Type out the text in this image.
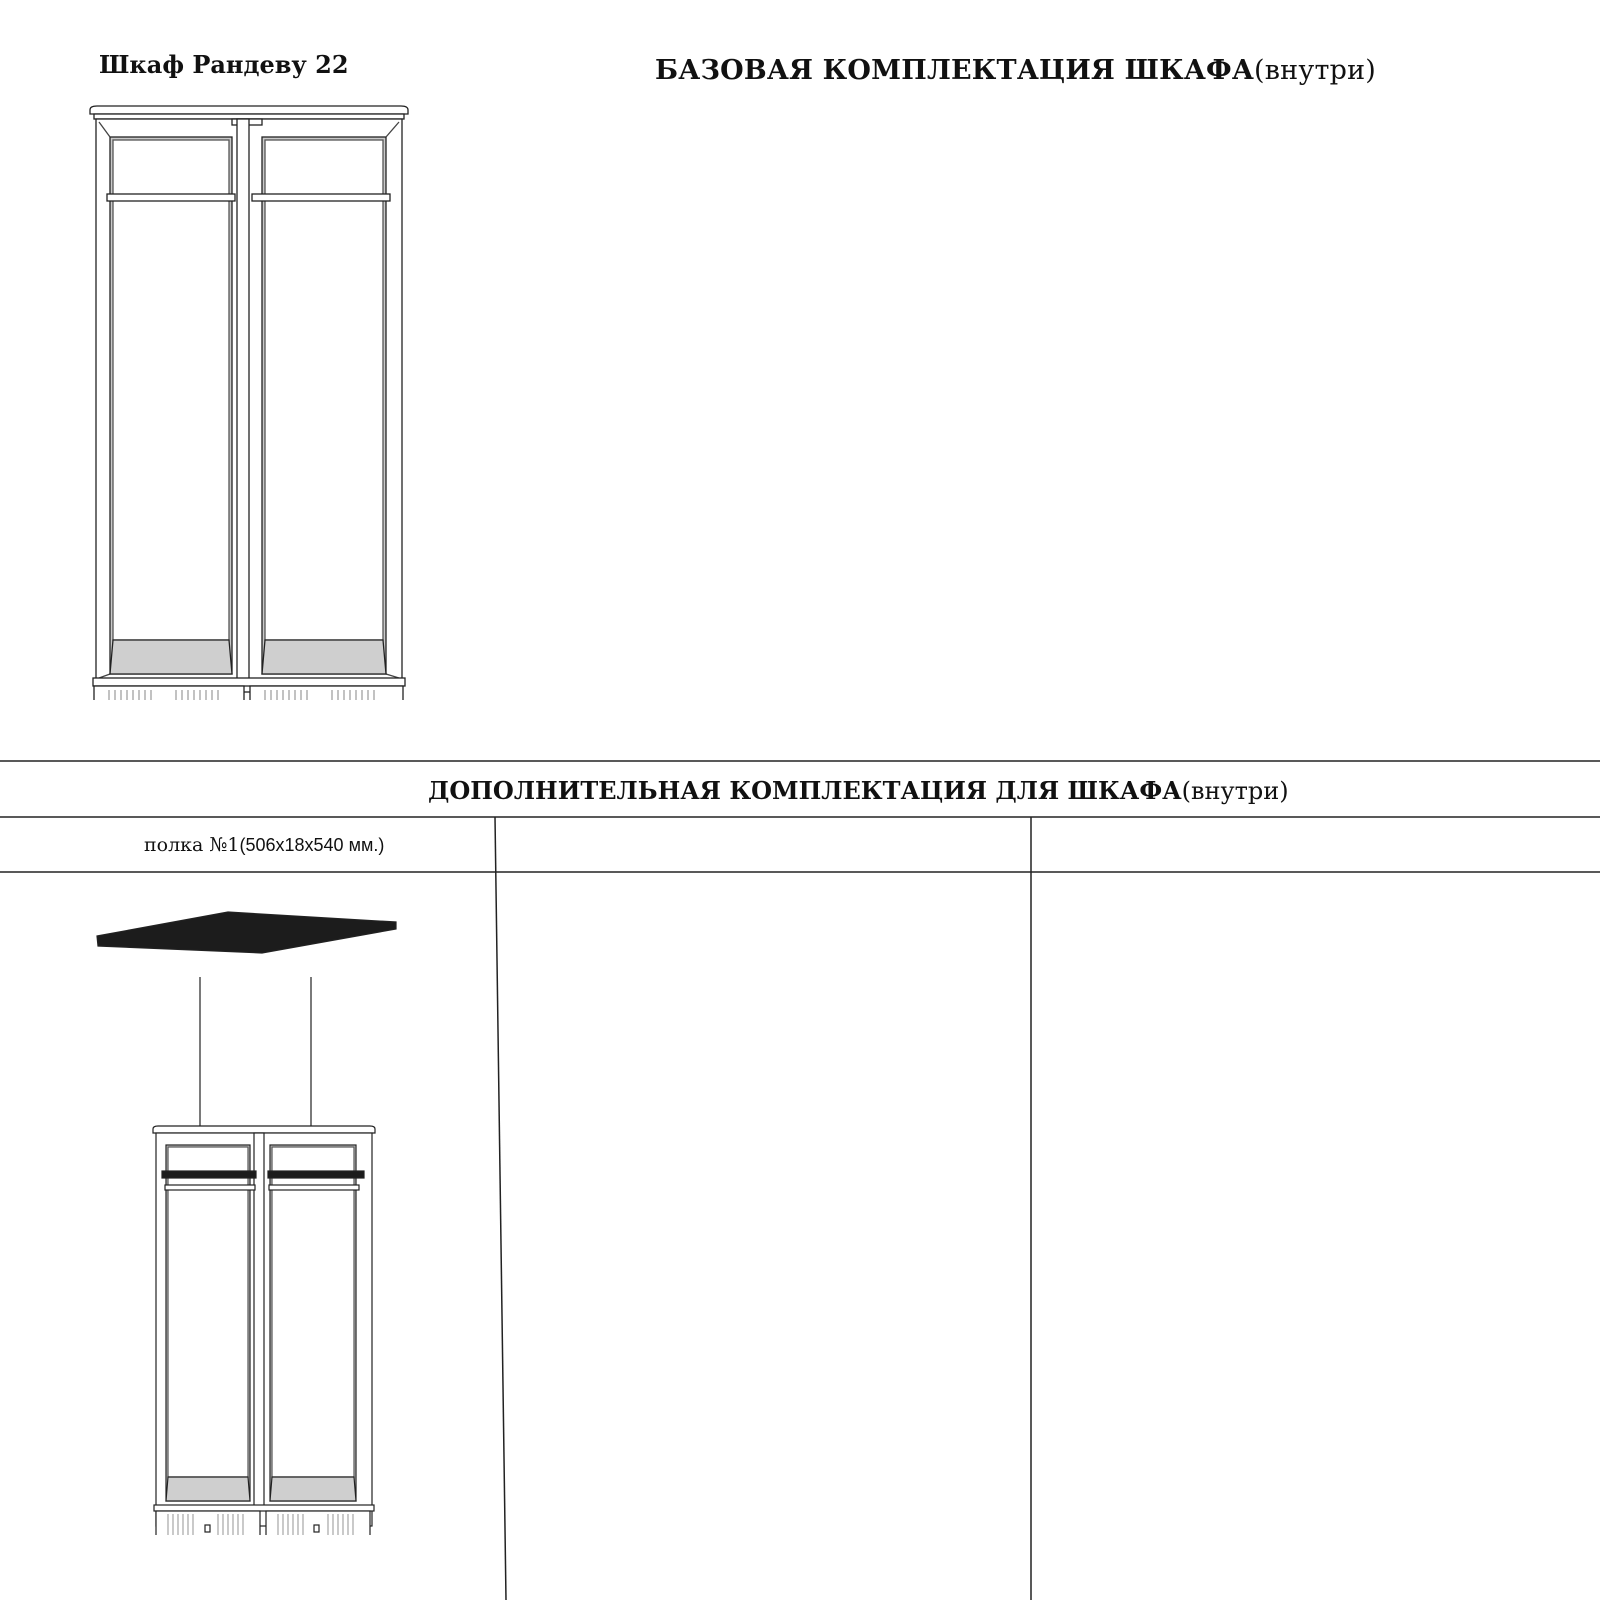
Шкаф Рандеву 22	БАЗОВАЯ КОМПЛЕКТАЦИЯ ШКАФА(внутри)
ДОПОЛНИТЕЛЬНАЯ КОМПЛЕКТАЦИЯ ДЛЯ ШКАФА(внутри)
полка №1(506х18х540 мм.)
